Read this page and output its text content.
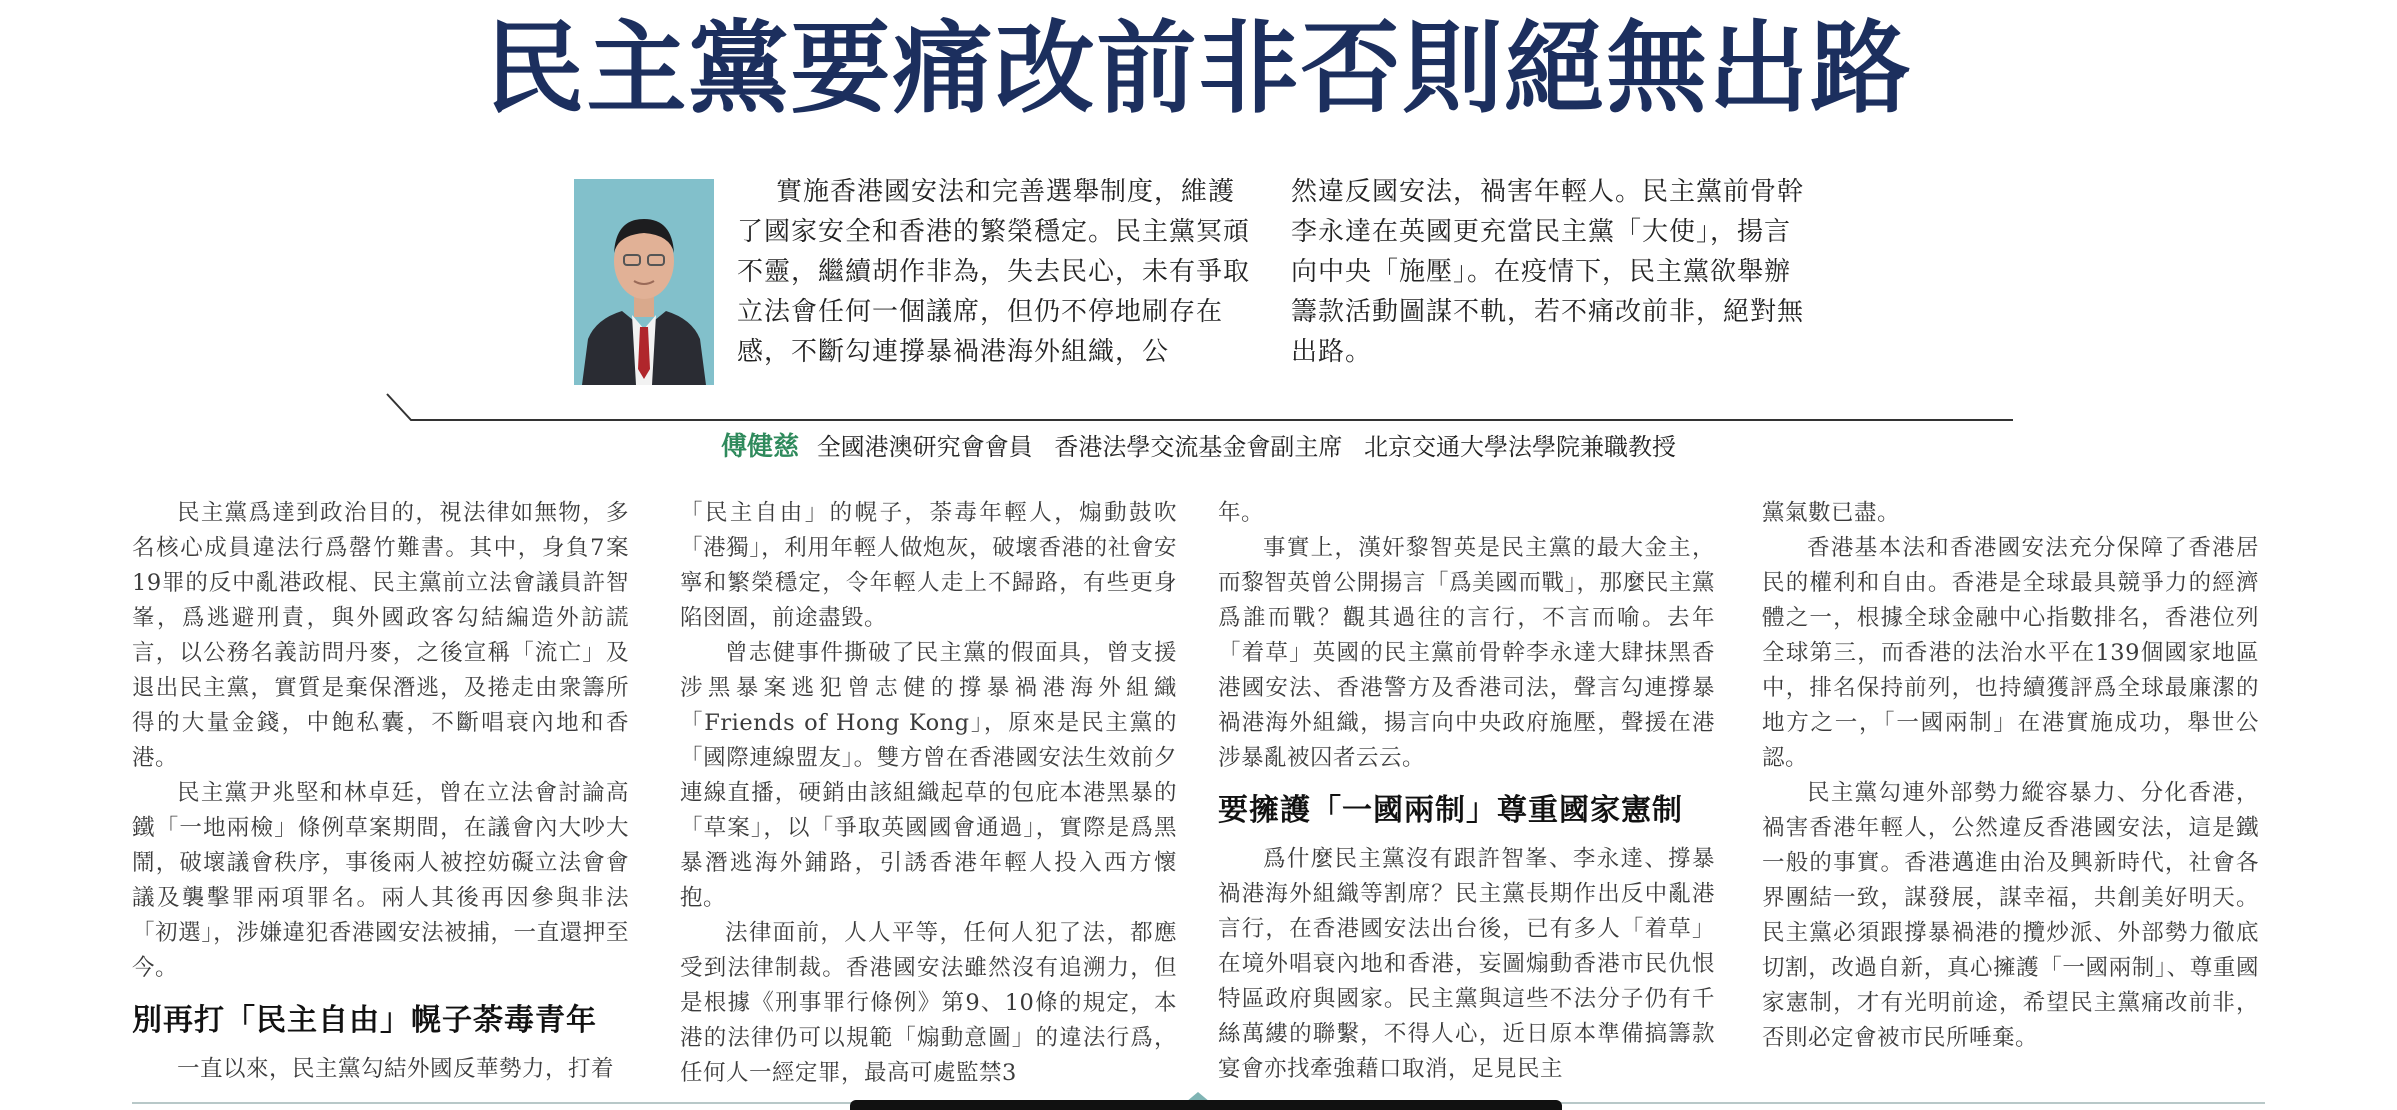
民主黨要痛改前非否則絕無出路
實施香港國安法和完善選舉制度，維護了國家安全和香港的繁榮穩定。民主黨冥頑不靈，繼續胡作非為，失去民心，未有爭取立法會任何一個議席，但仍不停地刷存在感，不斷勾連撐暴禍港海外組織，公
然違反國安法，禍害年輕人。民主黨前骨幹李永達在英國更充當民主黨「大使」，揚言向中央「施壓」。在疫情下，民主黨欲舉辦籌款活動圖謀不軌，若不痛改前非，絕對無出路。
傅健慈 全國港澳研究會會員 香港法學交流基金會副主席 北京交通大學法學院兼職教授

民主黨爲達到政治目的，視法律如無物，多名核心成員違法行爲罄竹難書。其中，身負7案19罪的反中亂港政棍、民主黨前立法會議員許智峯，爲逃避刑責，與外國政客勾結編造外訪謊言，以公務名義訪問丹麥，之後宣稱「流亡」及退出民主黨，實質是棄保潛逃，及捲走由衆籌所得的大量金錢，中飽私囊，不斷唱衰內地和香港。

民主黨尹兆堅和林卓廷，曾在立法會討論高鐵「一地兩檢」條例草案期間，在議會內大吵大鬧，破壞議會秩序，事後兩人被控妨礙立法會會議及襲擊罪兩項罪名。兩人其後再因參與非法「初選」，涉嫌違犯香港國安法被捕，一直還押至今。

別再打「民主自由」幌子荼毒青年

一直以來，民主黨勾結外國反華勢力，打着

「民主自由」的幌子，荼毒年輕人，煽動鼓吹「港獨」，利用年輕人做炮灰，破壞香港的社會安寧和繁榮穩定，令年輕人走上不歸路，有些更身陷囹圄，前途盡毀。

曾志健事件撕破了民主黨的假面具，曾支援涉黑暴案逃犯曾志健的撐暴禍港海外組織「Friends of Hong Kong」，原來是民主黨的「國際連線盟友」。雙方曾在香港國安法生效前夕連線直播，硬銷由該組織起草的包庇本港黑暴的「草案」，以「爭取英國國會通過」，實際是爲黑暴潛逃海外鋪路，引誘香港年輕人投入西方懷抱。

法律面前，人人平等，任何人犯了法，都應受到法律制裁。香港國安法雖然沒有追溯力，但是根據《刑事罪行條例》第9、10條的規定，本港的法律仍可以規範「煽動意圖」的違法行爲，任何人一經定罪，最高可處監禁3

年。

事實上，漢奸黎智英是民主黨的最大金主，而黎智英曾公開揚言「爲美國而戰」，那麼民主黨爲誰而戰？觀其過往的言行，不言而喻。去年「着草」英國的民主黨前骨幹李永達大肆抹黑香港國安法、香港警方及香港司法，聲言勾連撐暴禍港海外組織，揚言向中央政府施壓，聲援在港涉暴亂被囚者云云。

要擁護「一國兩制」尊重國家憲制

爲什麼民主黨沒有跟許智峯、李永達、撐暴禍港海外組織等割席？民主黨長期作出反中亂港言行，在香港國安法出台後，已有多人「着草」在境外唱衰內地和香港，妄圖煽動香港市民仇恨特區政府與國家。民主黨與這些不法分子仍有千絲萬縷的聯繫，不得人心，近日原本準備搞籌款宴會亦找牽強藉口取消，足見民主

黨氣數已盡。

香港基本法和香港國安法充分保障了香港居民的權利和自由。香港是全球最具競爭力的經濟體之一，根據全球金融中心指數排名，香港位列全球第三，而香港的法治水平在139個國家地區中，排名保持前列，也持續獲評爲全球最廉潔的地方之一，「一國兩制」在港實施成功，舉世公認。

民主黨勾連外部勢力縱容暴力、分化香港，禍害香港年輕人，公然違反香港國安法，這是鐵一般的事實。香港邁進由治及興新時代，社會各界團結一致，謀發展，謀幸福，共創美好明天。民主黨必須跟撐暴禍港的攬炒派、外部勢力徹底切割，改過自新，真心擁護「一國兩制」、尊重國家憲制，才有光明前途，希望民主黨痛改前非，否則必定會被市民所唾棄。
